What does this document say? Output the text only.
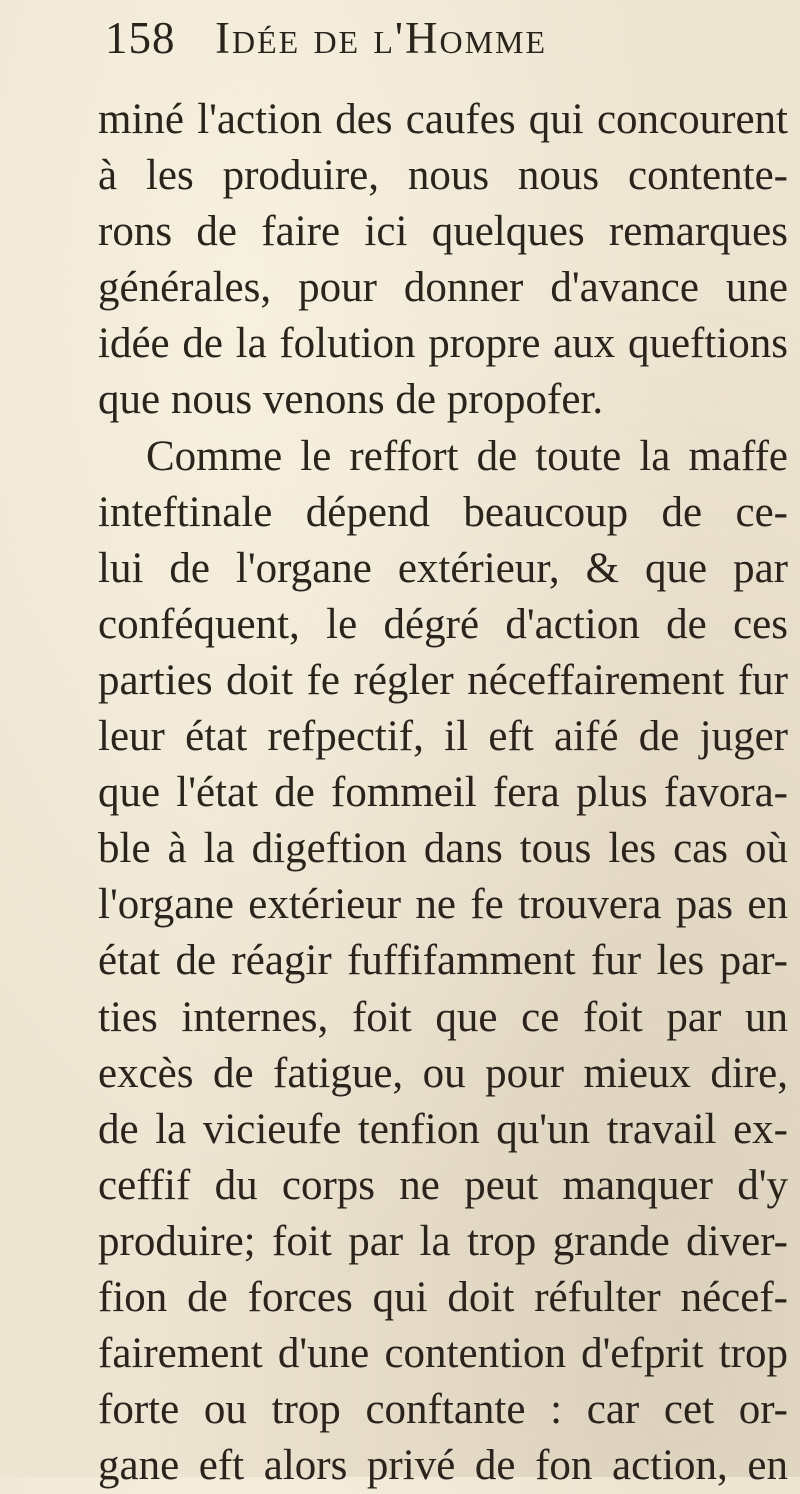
158 Idée de l'Homme
miné l'action des caufes qui concourent
à les produire, nous nous contente-
rons de faire ici quelques remarques
générales, pour donner d'avance une
idée de la folution propre aux queftions
que nous venons de propofer.
Comme le reffort de toute la maffe
inteftinale dépend beaucoup de ce-
lui de l'organe extérieur, & que par
conféquent, le dégré d'action de ces
parties doit fe régler néceffairement fur
leur état refpectif, il eft aifé de juger
que l'état de fommeil fera plus favora-
ble à la digeftion dans tous les cas où
l'organe extérieur ne fe trouvera pas en
état de réagir fuffifamment fur les par-
ties internes, foit que ce foit par un
excès de fatigue, ou pour mieux dire,
de la vicieufe tenfion qu'un travail ex-
ceffif du corps ne peut manquer d'y
produire; foit par la trop grande diver-
fion de forces qui doit réfulter nécef-
fairement d'une contention d'efprit trop
forte ou trop conftante : car cet or-
gane eft alors privé de fon action, en
